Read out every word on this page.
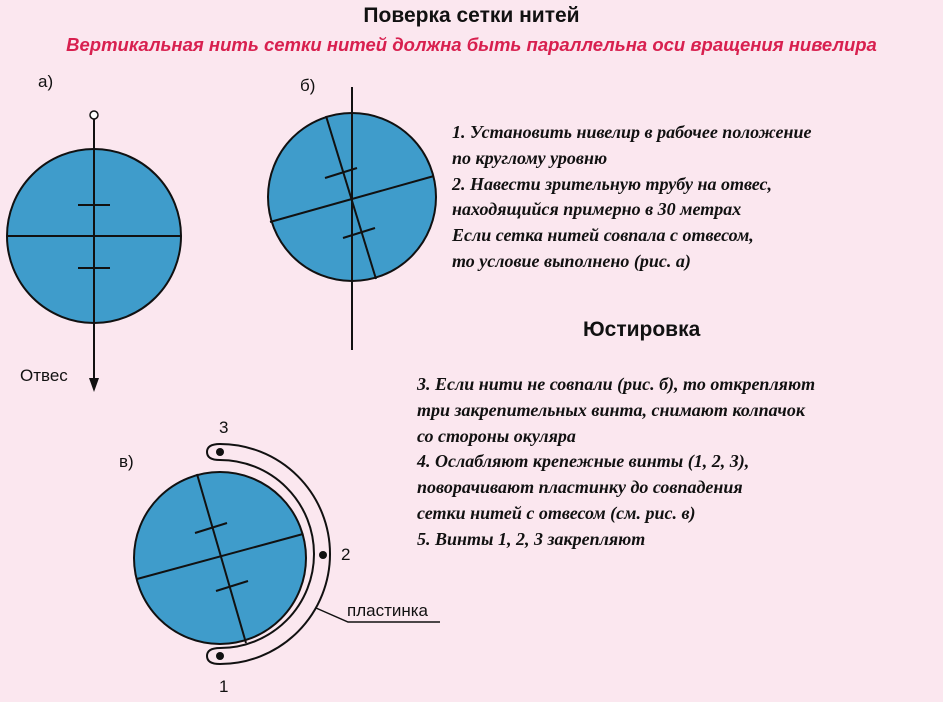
Поверка сетки нитей
Вертикальная нить сетки нитей должна быть параллельна оси вращения нивелира
а)	б)
в)
Отвес
пластинка
1
2
3
1. Установить нивелир в рабочее положение
по круглому уровню
2. Навести зрительную трубу на отвес,
находящийся примерно в 30 метрах
Если сетка нитей совпала с отвесом,
то условие выполнено (рис. а)
Юстировка
3. Если нити не совпали (рис. б), то открепляют
три закрепительных винта, снимают колпачок
со стороны окуляра
4. Ослабляют крепежные винты (1, 2, 3),
поворачивают пластинку до совпадения
сетки нитей с отвесом (см. рис. в)
5. Винты 1, 2, 3 закрепляют
